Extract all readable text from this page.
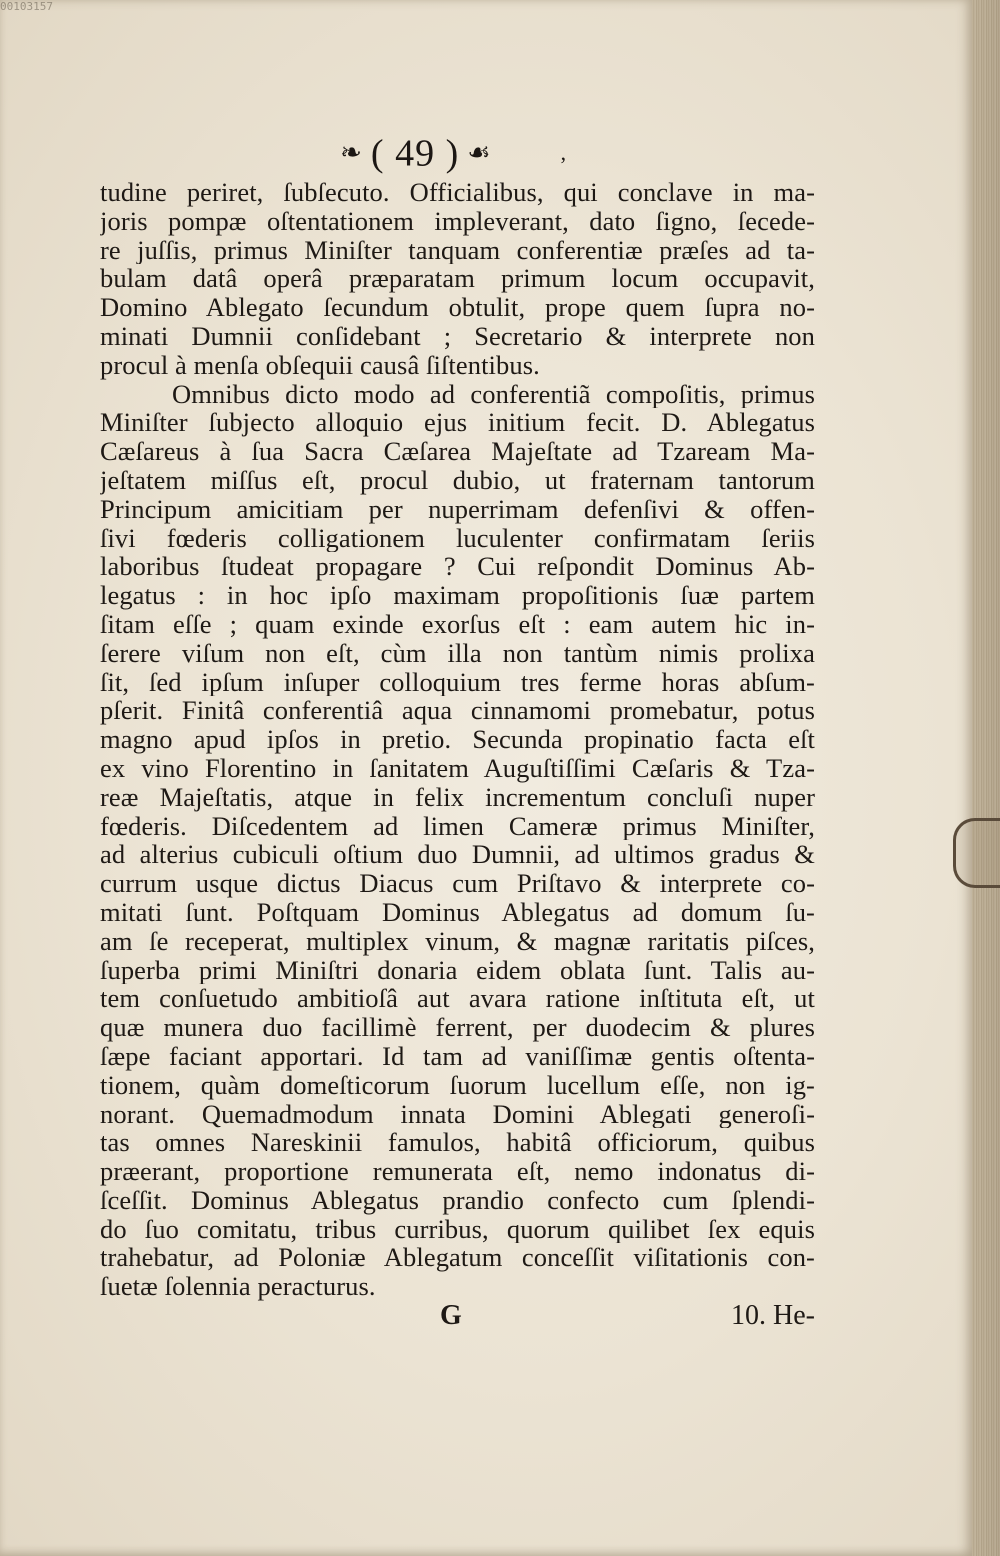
00103157
❧ ( 49 ) ☙	‚
tudine periret, ſubſecuto. Officialibus, qui conclave in ma-
joris pompæ oſtentationem impleverant, dato ſigno, ſecede-
re juſſis, primus Miniſter tanquam conferentiæ præſes ad ta-
bulam datâ operâ præparatam primum locum occupavit,
Domino Ablegato ſecundum obtulit, prope quem ſupra no-
minati Dumnii conſidebant ; Secretario & interprete non
procul à menſa obſequii causâ ſiſtentibus.
Omnibus dicto modo ad conferentiã compoſitis, primus
Miniſter ſubjecto alloquio ejus initium fecit. D. Ablegatus
Cæſareus à ſua Sacra Cæſarea Majeſtate ad Tzaream Ma-
jeſtatem miſſus eſt, procul dubio, ut fraternam tantorum
Principum amicitiam per nuperrimam defenſivi & offen-
ſivi fœderis colligationem luculenter confirmatam ſeriis
laboribus ſtudeat propagare ? Cui reſpondit Dominus Ab-
legatus : in hoc ipſo maximam propoſitionis ſuæ partem
ſitam eſſe ; quam exinde exorſus eſt : eam autem hic in-
ſerere viſum non eſt, cùm illa non tantùm nimis prolixa
ſit, ſed ipſum inſuper colloquium tres ferme horas abſum-
pſerit. Finitâ conferentiâ aqua cinnamomi promebatur, potus
magno apud ipſos in pretio. Secunda propinatio facta eſt
ex vino Florentino in ſanitatem Auguſtiſſimi Cæſaris & Tza-
reæ Majeſtatis, atque in felix incrementum concluſi nuper
fœderis. Diſcedentem ad limen Cameræ primus Miniſter,
ad alterius cubiculi oſtium duo Dumnii, ad ultimos gradus &
currum usque dictus Diacus cum Priſtavo & interprete co-
mitati ſunt. Poſtquam Dominus Ablegatus ad domum ſu-
am ſe receperat, multiplex vinum, & magnæ raritatis piſces,
ſuperba primi Miniſtri donaria eidem oblata ſunt. Talis au-
tem conſuetudo ambitioſâ aut avara ratione inſtituta eſt, ut
quæ munera duo facillimè ferrent, per duodecim & plures
ſæpe faciant apportari. Id tam ad vaniſſimæ gentis oſtenta-
tionem, quàm domeſticorum ſuorum lucellum eſſe, non ig-
norant. Quemadmodum innata Domini Ablegati generoſi-
tas omnes Nareskinii famulos, habitâ officiorum, quibus
præerant, proportione remunerata eſt, nemo indonatus di-
ſceſſit. Dominus Ablegatus prandio confecto cum ſplendi-
do ſuo comitatu, tribus curribus, quorum quilibet ſex equis
trahebatur, ad Poloniæ Ablegatum conceſſit viſitationis con-
ſuetæ ſolennia peracturus.
G	10. He-
